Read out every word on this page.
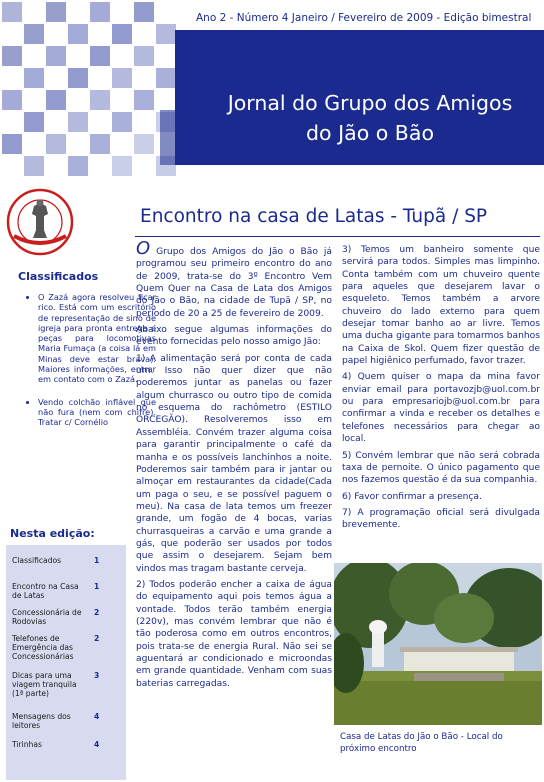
Ano 2 - Número 4 Janeiro / Fevereiro de 2009 - Edição bimestral
Jornal do Grupo dos Amigos
do Jão o Bão
Classificados
• O Zazá agora resolveu ficar rico. Está com um escritório de representação de sino de igreja para pronta entrega e peças para locomotivas Maria Fumaça (a coisa lá em Minas deve estar brava). Maiores informações, entrar em contato com o Zazá.
• Vendo colchão inflável que não fura (nem com chifre). Tratar c/ Cornélio
Nesta edição:
Classificados	1
Encontro na Casa de Latas
1
Concessionária de Rodovias
2
Telefones de Emergência das Concessionárias
2
Dicas para uma viagem tranquila (1ª parte)
3
Mensagens dos leitores
4
Tirinhas	4
Encontro na casa de Latas - Tupã / SP

O Grupo dos Amigos do Jão o Bão já programou seu primeiro encontro do ano de 2009, trata-se do 3º Encontro Vem Quem Quer na Casa de Lata dos Amigos do Jão o Bão, na cidade de Tupã / SP, no período de 20 a 25 de fevereiro de 2009.

Abaixo segue algumas informações do evento fornecidas pelo nosso amigo Jão:

1) A alimentação será por conta de cada um. Isso não quer dizer que não poderemos juntar as panelas ou fazer algum churrasco ou outro tipo de comida no esquema do rachômetro (ESTILO ORCEGÃO). Resolveremos isso em Assembléia. Convém trazer alguma coisa para garantir principalmente o café da manha e os possíveis lanchinhos a noite. Poderemos sair também para ir jantar ou almoçar em restaurantes da cidade(Cada um paga o seu, e se possível paguem o meu). Na casa de lata temos um freezer grande, um fogão de 4 bocas, varias churrasqueiras a carvão e uma grande a gás, que poderão ser usados por todos que assim o desejarem. Sejam bem vindos mas tragam bastante cerveja.

2) Todos poderão encher a caixa de água do equipamento aqui pois temos água a vontade. Todos terão também energia (220v), mas convém lembrar que não é tão poderosa como em outros encontros, pois trata-se de energia Rural. Não sei se aguentará ar condicionado e microondas em grande quantidade. Venham com suas baterias carregadas.

3) Temos um banheiro somente que servirá para todos. Simples mas limpinho. Conta também com um chuveiro quente para aqueles que desejarem lavar o esqueleto. Temos também a arvore chuveiro do lado externo para quem desejar tomar banho ao ar livre. Temos uma ducha gigante para tomarmos banhos na Caixa de Skol. Quem fizer questão de papel higiênico perfumado, favor trazer.

4) Quem quiser o mapa da mina favor enviar email para portavozjb@uol.com.br ou para empresariojb@uol.com.br para confirmar a vinda e receber os detalhes e telefones necessários para chegar ao local.

5) Convém lembrar que não será cobrada taxa de pernoite. O único pagamento que nos fazemos questão é da sua companhia.

6) Favor confirmar a presença.

7) A programação oficial será divulgada brevemente.

Casa de Latas do Jão o Bão - Local do próximo encontro
